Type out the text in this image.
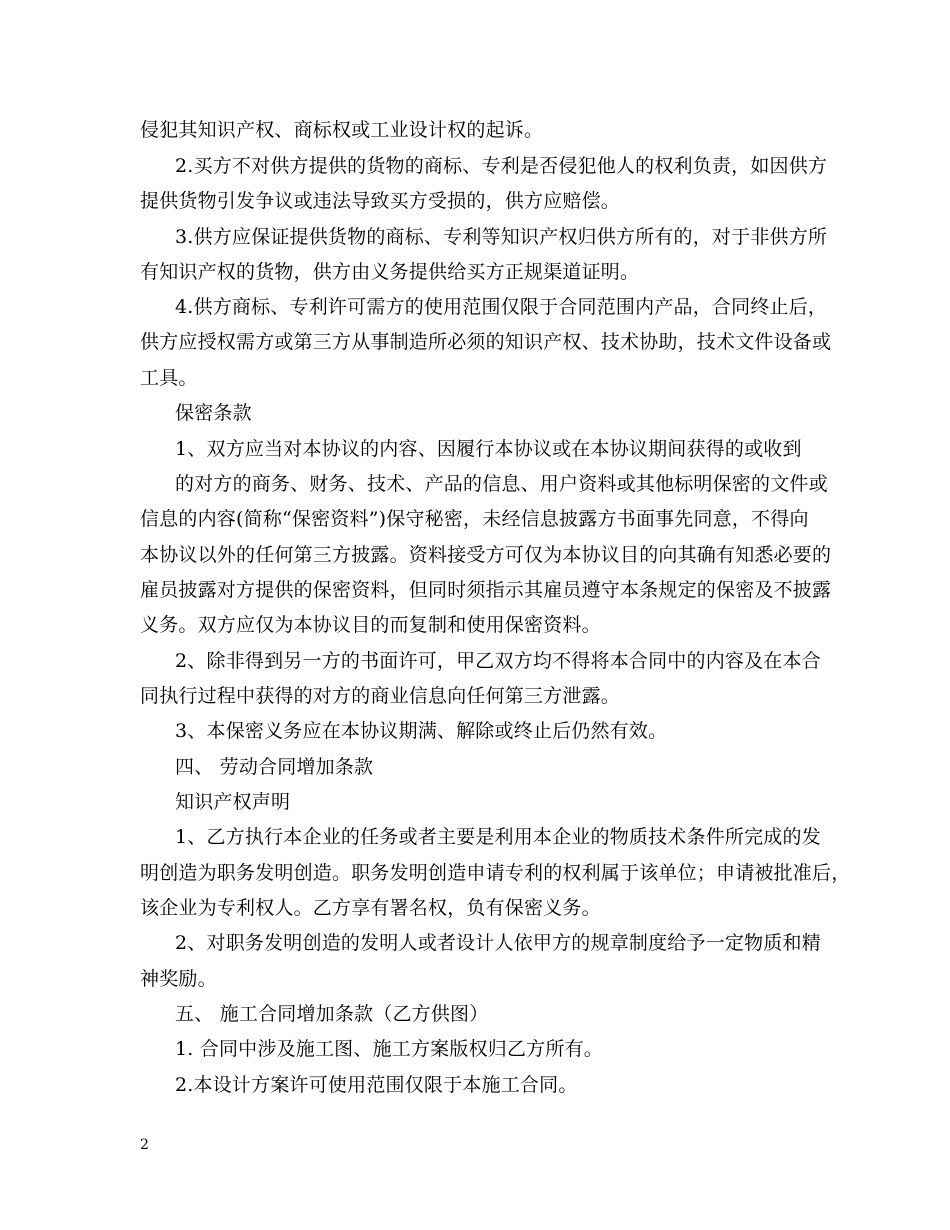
侵犯其知识产权、商标权或工业设计权的起诉。
2.买方不对供方提供的货物的商标、专利是否侵犯他人的权利负责，如因供方
提供货物引发争议或违法导致买方受损的，供方应赔偿。
3.供方应保证提供货物的商标、专利等知识产权归供方所有的，对于非供方所
有知识产权的货物，供方由义务提供给买方正规渠道证明。
4.供方商标、专利许可需方的使用范围仅限于合同范围内产品，合同终止后，
供方应授权需方或第三方从事制造所必须的知识产权、技术协助，技术文件设备或
工具。
保密条款
1、双方应当对本协议的内容、因履行本协议或在本协议期间获得的或收到
的对方的商务、财务、技术、产品的信息、用户资料或其他标明保密的文件或
信息的内容(简称“保密资料”)保守秘密，未经信息披露方书面事先同意，不得向
本协议以外的任何第三方披露。资料接受方可仅为本协议目的向其确有知悉必要的
雇员披露对方提供的保密资料，但同时须指示其雇员遵守本条规定的保密及不披露
义务。双方应仅为本协议目的而复制和使用保密资料。
2、除非得到另一方的书面许可，甲乙双方均不得将本合同中的内容及在本合
同执行过程中获得的对方的商业信息向任何第三方泄露。
3、本保密义务应在本协议期满、解除或终止后仍然有效。
四、 劳动合同增加条款
知识产权声明
1、乙方执行本企业的任务或者主要是利用本企业的物质技术条件所完成的发
明创造为职务发明创造。职务发明创造申请专利的权利属于该单位；申请被批准后，
该企业为专利权人。乙方享有署名权，负有保密义务。
2、对职务发明创造的发明人或者设计人依甲方的规章制度给予一定物质和精
神奖励。
五、 施工合同增加条款（乙方供图）
1. 合同中涉及施工图、施工方案版权归乙方所有。
2.本设计方案许可使用范围仅限于本施工合同。
2
